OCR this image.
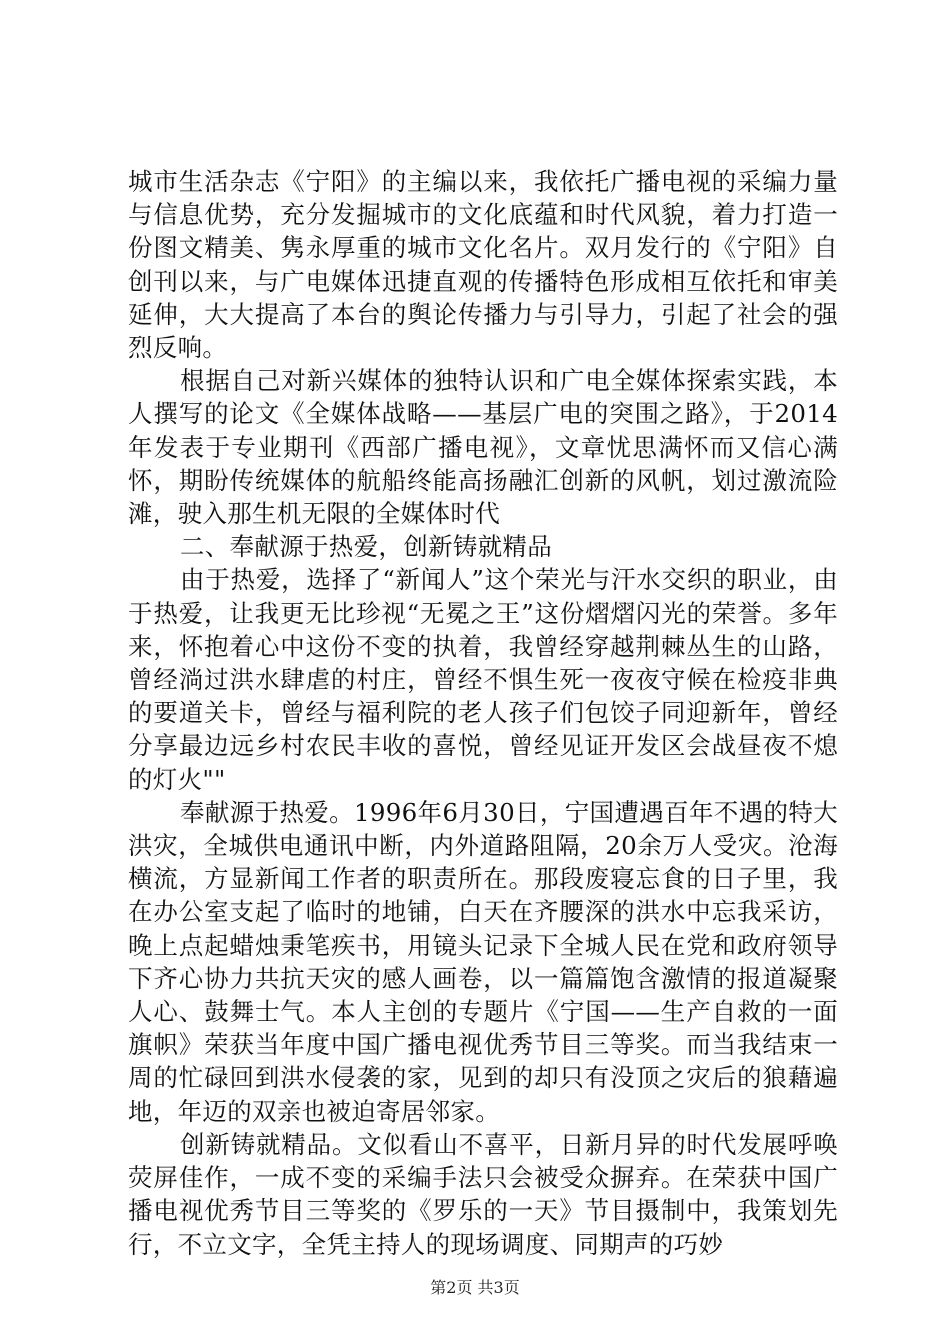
城市生活杂志《宁阳》的主编以来，我依托广播电视的采编力量与信息优势，充分发掘城市的文化底蕴和时代风貌，着力打造一份图文精美、隽永厚重的城市文化名片。双月发行的《宁阳》自创刊以来，与广电媒体迅捷直观的传播特色形成相互依托和审美延伸，大大提高了本台的舆论传播力与引导力，引起了社会的强烈反响。

根据自己对新兴媒体的独特认识和广电全媒体探索实践，本人撰写的论文《全媒体战略——基层广电的突围之路》，于2014年发表于专业期刊《西部广播电视》，文章忧思满怀而又信心满怀，期盼传统媒体的航船终能高扬融汇创新的风帆，划过激流险滩，驶入那生机无限的全媒体时代

二、奉献源于热爱，创新铸就精品

由于热爱，选择了“新闻人”这个荣光与汗水交织的职业，由于热爱，让我更无比珍视“无冕之王”这份熠熠闪光的荣誉。多年来，怀抱着心中这份不变的执着，我曾经穿越荆棘丛生的山路，曾经淌过洪水肆虐的村庄，曾经不惧生死一夜夜守候在检疫非典的要道关卡，曾经与福利院的老人孩子们包饺子同迎新年，曾经分享最边远乡村农民丰收的喜悦，曾经见证开发区会战昼夜不熄的灯火""

奉献源于热爱。1996年6月30日，宁国遭遇百年不遇的特大洪灾，全城供电通讯中断，内外道路阻隔，20余万人受灾。沧海横流，方显新闻工作者的职责所在。那段废寝忘食的日子里，我在办公室支起了临时的地铺，白天在齐腰深的洪水中忘我采访，晚上点起蜡烛秉笔疾书，用镜头记录下全城人民在党和政府领导下齐心协力共抗天灾的感人画卷，以一篇篇饱含激情的报道凝聚人心、鼓舞士气。本人主创的专题片《宁国——生产自救的一面旗帜》荣获当年度中国广播电视优秀节目三等奖。而当我结束一周的忙碌回到洪水侵袭的家，见到的却只有没顶之灾后的狼藉遍地，年迈的双亲也被迫寄居邻家。

创新铸就精品。文似看山不喜平，日新月异的时代发展呼唤荧屏佳作，一成不变的采编手法只会被受众摒弃。在荣获中国广播电视优秀节目三等奖的《罗乐的一天》节目摄制中，我策划先行，不立文字，全凭主持人的现场调度、同期声的巧妙

第2页 共3页
